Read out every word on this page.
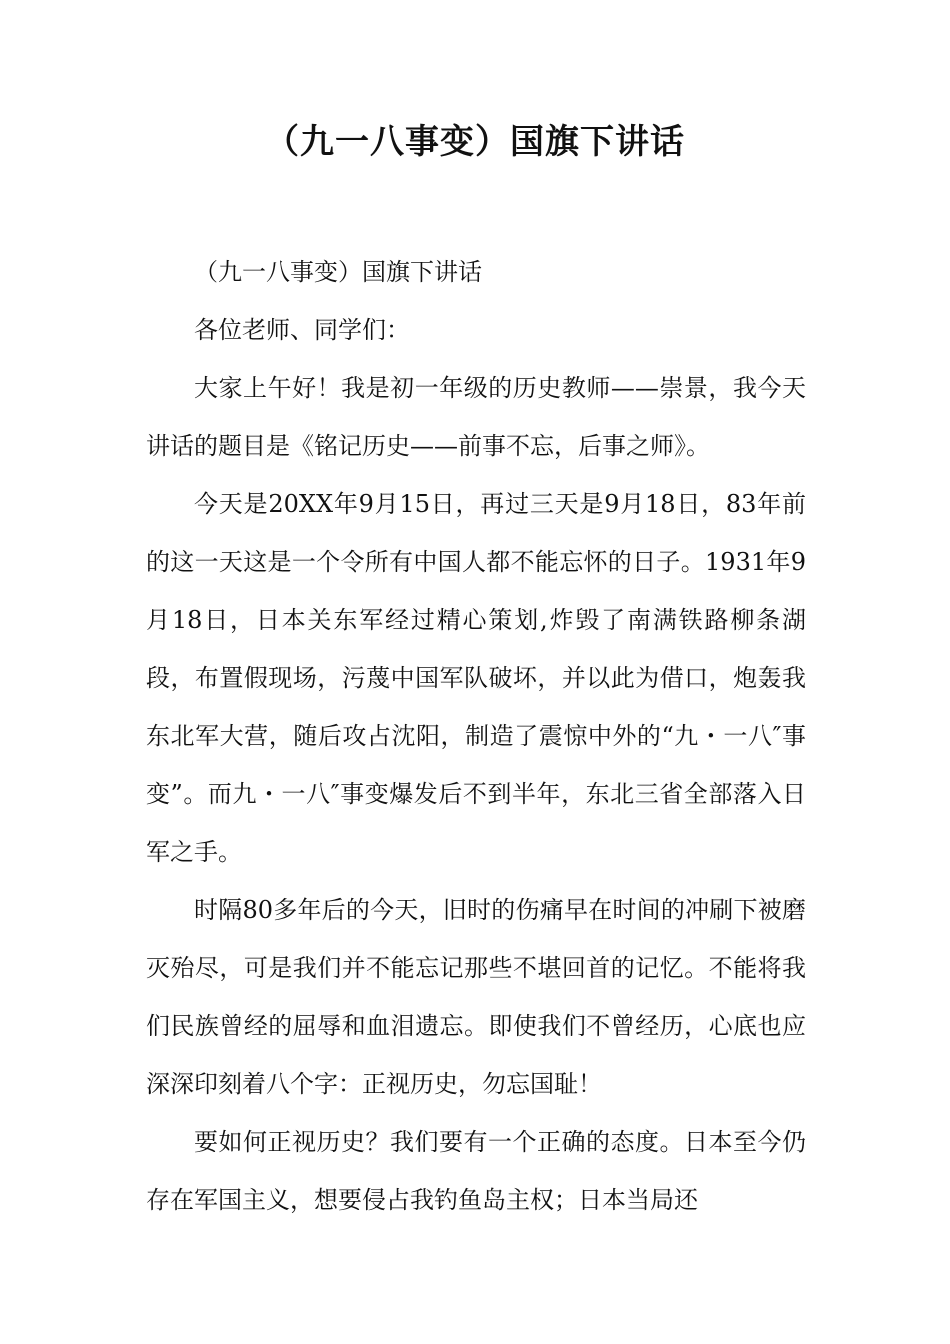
（九一八事变）国旗下讲话

（九一八事变）国旗下讲话

各位老师、同学们：

大家上午好！我是初一年级的历史教师——崇景，我今天讲话的题目是《铭记历史——前事不忘，后事之师》。

今天是20XX年9月15日，再过三天是9月18日，83年前的这一天这是一个令所有中国人都不能忘怀的日子。1931年9月18日，日本关东军经过精心策划,炸毁了南满铁路柳条湖段，布置假现场，污蔑中国军队破坏，并以此为借口，炮轰我东北军大营，随后攻占沈阳，制造了震惊中外的“九・一八″事变”。而九・一八″事变爆发后不到半年，东北三省全部落入日军之手。

时隔80多年后的今天，旧时的伤痛早在时间的冲刷下被磨灭殆尽，可是我们并不能忘记那些不堪回首的记忆。不能将我们民族曾经的屈辱和血泪遗忘。即使我们不曾经历，心底也应深深印刻着八个字：正视历史，勿忘国耻！

要如何正视历史？我们要有一个正确的态度。日本至今仍存在军国主义，想要侵占我钓鱼岛主权；日本当局还
